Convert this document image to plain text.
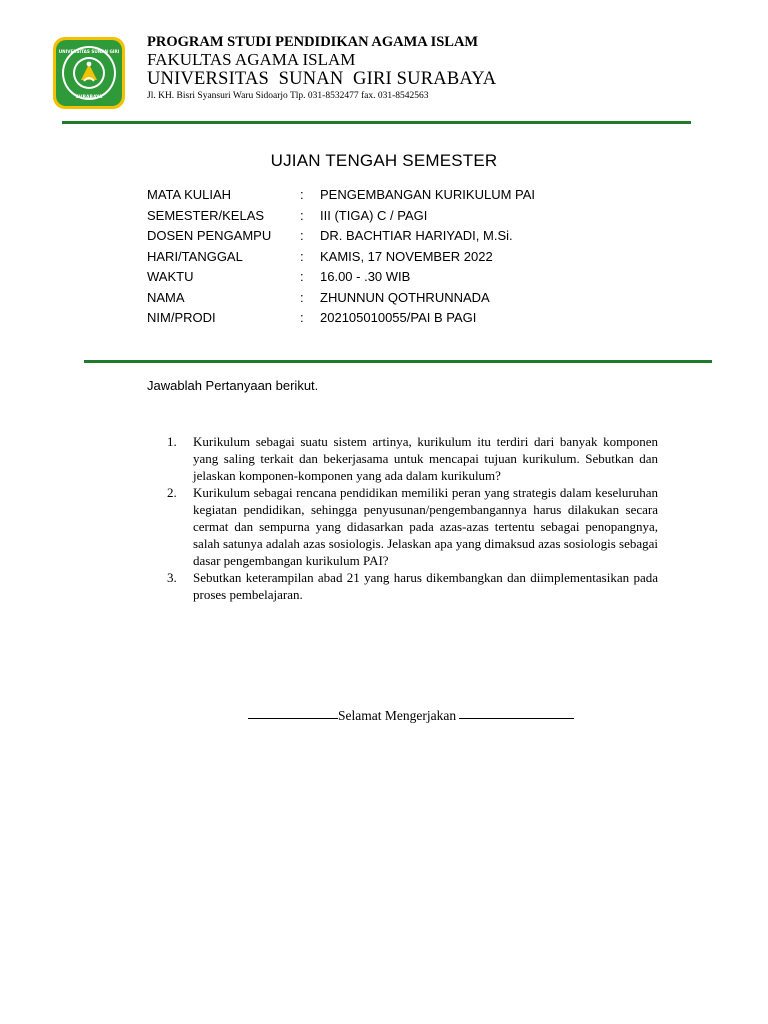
UNIVERSITAS SUNAN GIRI
SURABAYA
PROGRAM STUDI PENDIDIKAN AGAMA ISLAM
FAKULTAS AGAMA ISLAM
UNIVERSITAS  SUNAN  GIRI SURABAYA
Jl. KH. Bisri Syansuri Waru Sidoarjo Tlp. 031-8532477 fax. 031-8542563
UJIAN TENGAH SEMESTER
MATA KULIAH	: PENGEMBANGAN KURIKULUM PAI
SEMESTER/KELAS	: III (TIGA) C / PAGI
DOSEN PENGAMPU : DR. BACHTIAR HARIYADI, M.Si.
HARI/TANGGAL	: KAMIS, 17 NOVEMBER 2022
WAKTU	: 16.00 - .30 WIB
NAMA	: ZHUNNUN QOTHRUNNADA
NIM/PRODI	: 202105010055/PAI B PAGI
Jawablah Pertanyaan berikut.
1. Kurikulum sebagai suatu sistem artinya, kurikulum itu terdiri dari banyak komponen yang saling terkait dan bekerjasama untuk mencapai tujuan kurikulum. Sebutkan dan jelaskan komponen-komponen yang ada dalam kurikulum?
2. Kurikulum sebagai rencana pendidikan memiliki peran yang strategis dalam keseluruhan kegiatan pendidikan, sehingga penyusunan/pengembangannya harus dilakukan secara cermat dan sempurna yang didasarkan pada azas-azas tertentu sebagai penopangnya, salah satunya adalah azas sosiologis. Jelaskan apa yang dimaksud azas sosiologis sebagai dasar pengembangan kurikulum PAI?
3. Sebutkan keterampilan abad 21 yang harus dikembangkan dan diimplementasikan pada proses pembelajaran.
Selamat Mengerjakan
